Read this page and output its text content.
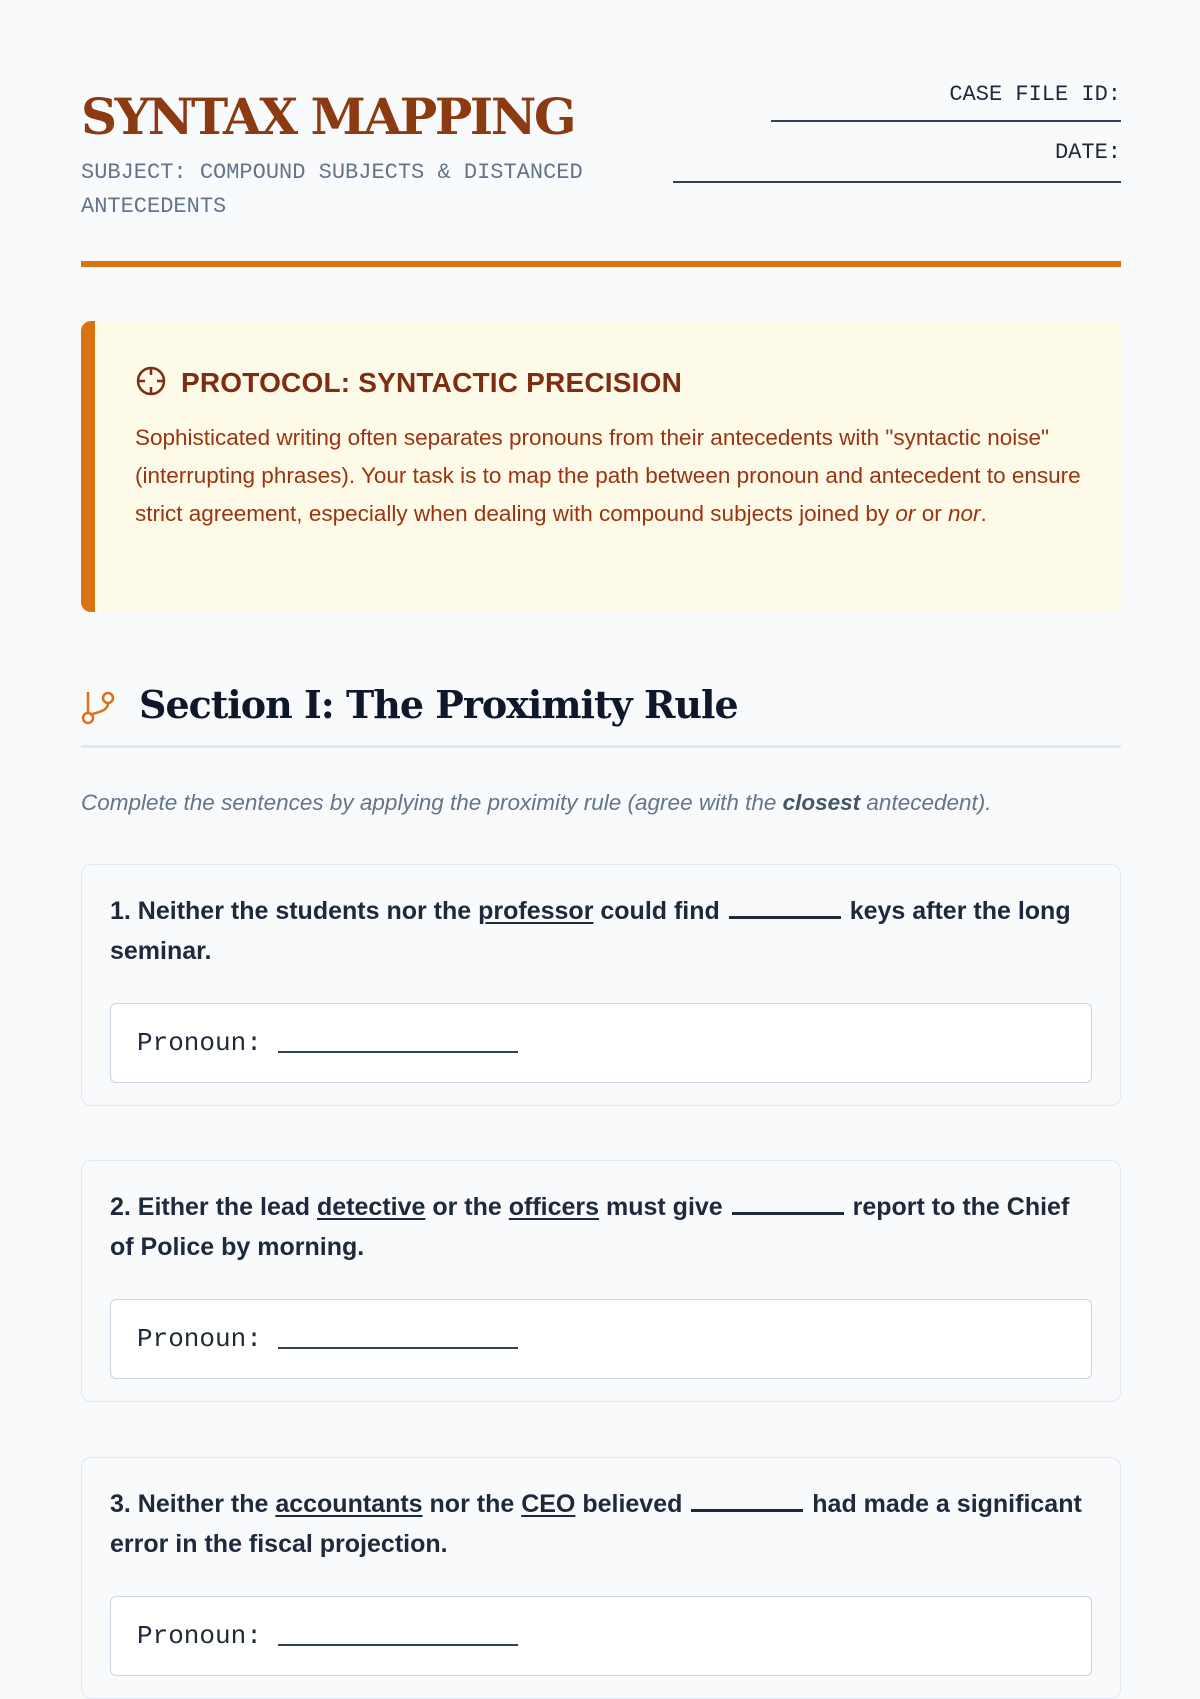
SYNTAX MAPPING
SUBJECT: COMPOUND SUBJECTS & DISTANCED ANTECEDENTS
CASE FILE ID:
DATE:
PROTOCOL: SYNTACTIC PRECISION

Sophisticated writing often separates pronouns from their antecedents with "syntactic noise" (interrupting phrases). Your task is to map the path between pronoun and antecedent to ensure strict agreement, especially when dealing with compound subjects joined by or or nor.

Section I: The Proximity Rule

Complete the sentences by applying the proximity rule (agree with the closest antecedent).

1. Neither the students nor the professor could find	keys after the long seminar.
Pronoun:
2. Either the lead detective or the officers must give	report to the Chief of Police by morning.
Pronoun:
3. Neither the accountants nor the CEO believed	had made a significant error in the fiscal projection.
Pronoun:
